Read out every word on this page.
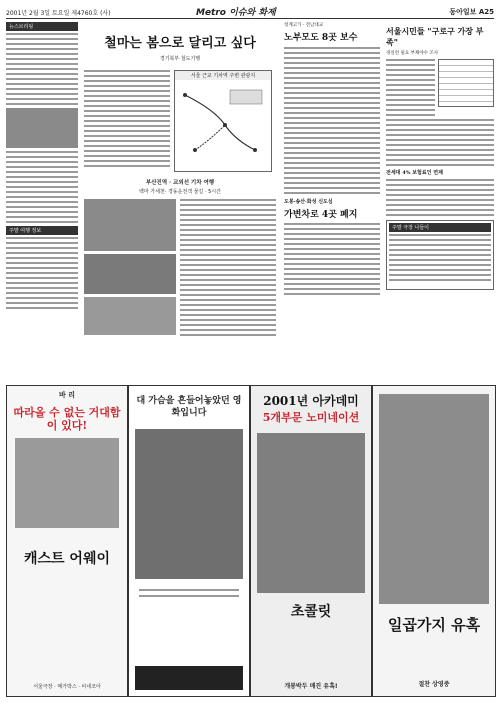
2001년 2월 3일 토요일 제4760호 (사)	Metro 이슈와 화제	동아일보 A25
뉴스브리핑
주말 여행 정보
철마는 봄으로 달리고 싶다
경기북부 철도기행
서울 근교 기차역 주변 관광지
부산진역 · 교외선 기차 여행
백마 가세천· 경동운전객 물길 · 5시간
청계고가 · 전남대교
노부모도 8곳 보수
도봉·송산·화성 신도심
가변차로 4곳 폐지
서울시민들 "구로구 가장 부족"
경실련 필요 부채야수 조사
전세대 4% 보험료인 면제
주말 극장 나들이
바 리
따라올 수 없는 거대함이 있다!
캐스트 어웨이
서울극장 · 메가박스 · 씨네코아
대 가슴을 흔들어놓았던 영화입니다
2001년 아카데미
5개부문 노미네이션
초콜릿
개봉박두 매진 유혹!
일곱가지 유혹
절찬 상영중
